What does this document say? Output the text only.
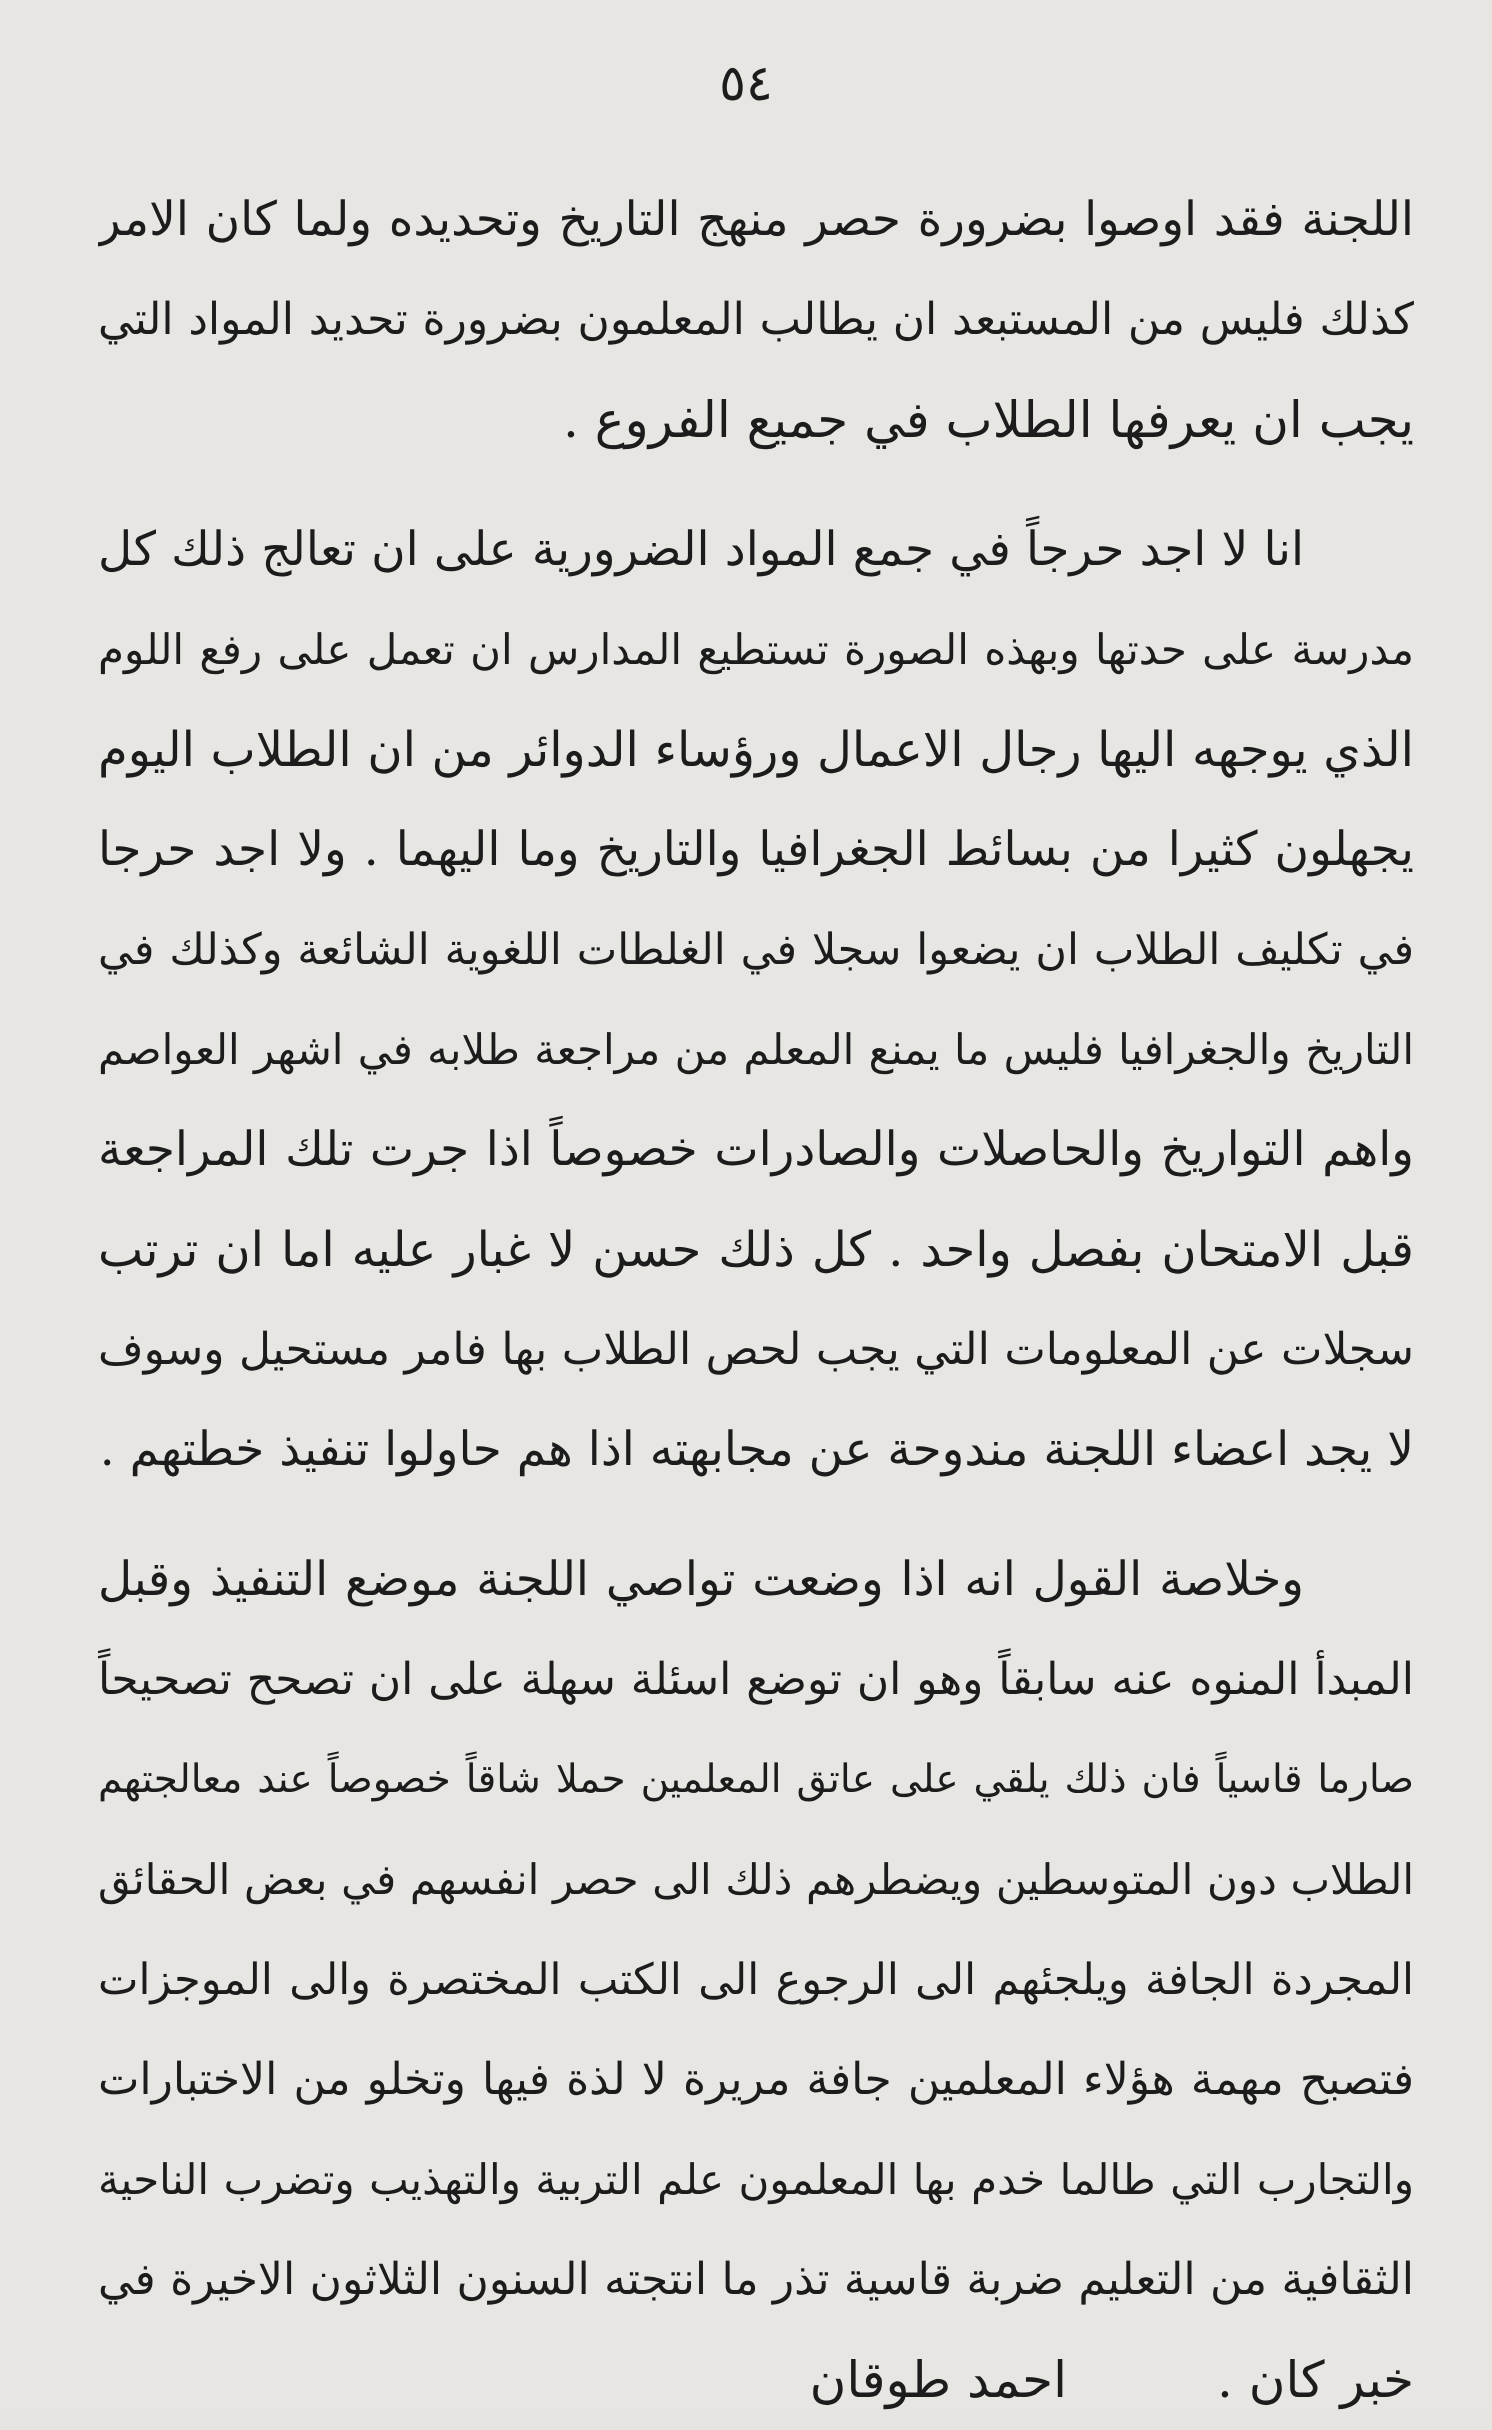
٥٤
اللجنة فقد اوصوا بضرورة حصر منهج التاريخ وتحديده ولما كان الامر
كذلك فليس من المستبعد ان يطالب المعلمون بضرورة تحديد المواد التي
يجب ان يعرفها الطلاب في جميع الفروع .
انا لا اجد حرجاً في جمع المواد الضرورية على ان تعالج ذلك كل
مدرسة على حدتها وبهذه الصورة تستطيع المدارس ان تعمل على رفع اللوم
الذي يوجهه اليها رجال الاعمال ورؤساء الدوائر من ان الطلاب اليوم
يجهلون كثيرا من بسائط الجغرافيا والتاريخ وما اليهما . ولا اجد حرجا
في تكليف الطلاب ان يضعوا سجلا في الغلطات اللغوية الشائعة وكذلك في
التاريخ والجغرافيا فليس ما يمنع المعلم من مراجعة طلابه في اشهر العواصم
واهم التواريخ والحاصلات والصادرات خصوصاً اذا جرت تلك المراجعة
قبل الامتحان بفصل واحد . كل ذلك حسن لا غبار عليه اما ان ترتب
سجلات عن المعلومات التي يجب لحص الطلاب بها فامر مستحيل وسوف
لا يجد اعضاء اللجنة مندوحة عن مجابهته اذا هم حاولوا تنفيذ خطتهم .
وخلاصة القول انه اذا وضعت تواصي اللجنة موضع التنفيذ وقبل
المبدأ المنوه عنه سابقاً وهو ان توضع اسئلة سهلة على ان تصحح تصحيحاً
صارما قاسياً فان ذلك يلقي على عاتق المعلمين حملا شاقاً خصوصاً عند معالجتهم
الطلاب دون المتوسطين ويضطرهم ذلك الى حصر انفسهم في بعض الحقائق
المجردة الجافة ويلجئهم الى الرجوع الى الكتب المختصرة والى الموجزات
فتصبح مهمة هؤلاء المعلمين جافة مريرة لا لذة فيها وتخلو من الاختبارات
والتجارب التي طالما خدم بها المعلمون علم التربية والتهذيب وتضرب الناحية
الثقافية من التعليم ضربة قاسية تذر ما انتجته السنون الثلاثون الاخيرة في
خبر كان .
احمد طوقان
